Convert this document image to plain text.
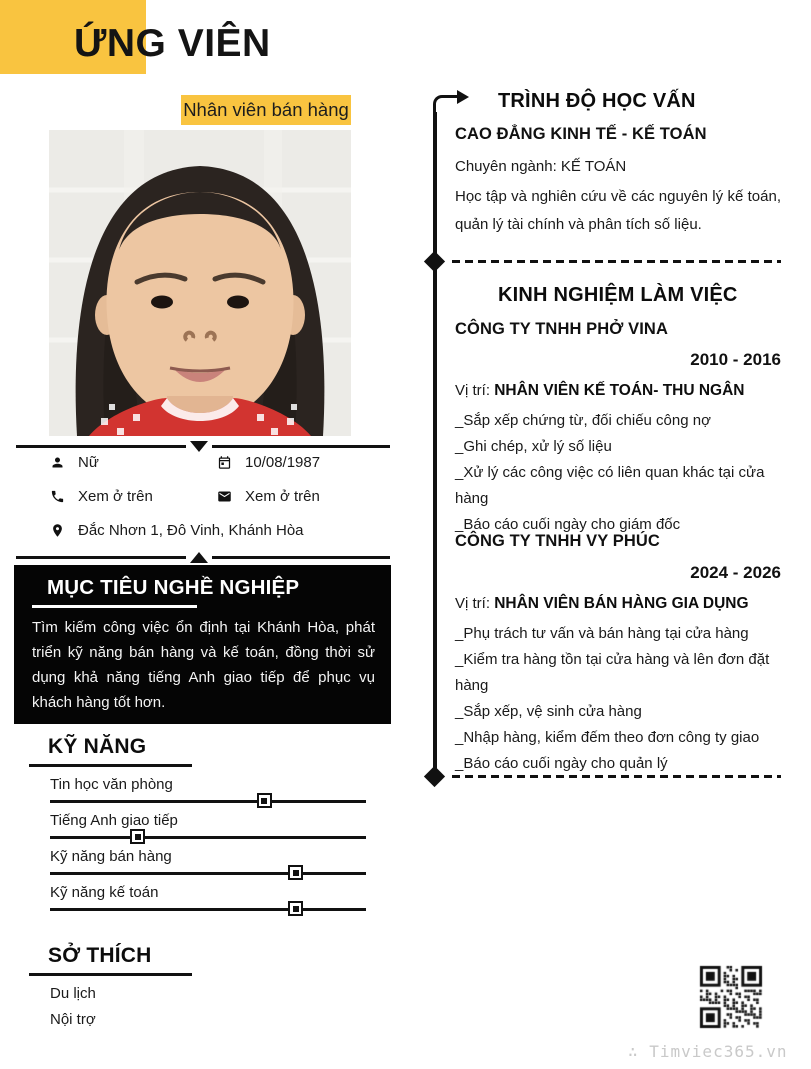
ỨNG VIÊN
Nhân viên bán hàng
Nữ	10/08/1987
Xem ở trên	Xem ở trên
Đắc Nhơn 1, Đô Vinh, Khánh Hòa
MỤC TIÊU NGHỀ NGHIỆP

Tìm kiếm công việc ổn định tại Khánh Hòa, phát triển kỹ năng bán hàng và kế toán, đồng thời sử dụng khả năng tiếng Anh giao tiếp để phục vụ khách hàng tốt hơn.

KỸ NĂNG
Tin học văn phòng
Tiếng Anh giao tiếp
Kỹ năng bán hàng
Kỹ năng kế toán
SỞ THÍCH
Du lịch
Nội trợ
TRÌNH ĐỘ HỌC VẤN
CAO ĐẲNG KINH TẾ - KẾ TOÁN
Chuyên ngành: KẾ TOÁN
Học tập và nghiên cứu về các nguyên lý kế toán, quản lý tài chính và phân tích số liệu.
KINH NGHIỆM LÀM VIỆC
CÔNG TY TNHH PHỞ VINA
2010 - 2016
Vị trí: NHÂN VIÊN KẾ TOÁN- THU NGÂN
_Sắp xếp chứng từ, đối chiếu công nợ
_Ghi chép, xử lý số liệu
_Xử lý các công việc có liên quan khác tại cửa hàng
_Báo cáo cuối ngày cho giám đốc
CÔNG TY TNHH VY PHÚC
2024 - 2026
Vị trí: NHÂN VIÊN BÁN HÀNG GIA DỤNG
_Phụ trách tư vấn và bán hàng tại cửa hàng
_Kiểm tra hàng tồn tại cửa hàng và lên đơn đặt hàng
_Sắp xếp, vệ sinh cửa hàng
_Nhập hàng, kiểm đếm theo đơn công ty giao
_Báo cáo cuối ngày cho quản lý
∴ Timviec365.vn
